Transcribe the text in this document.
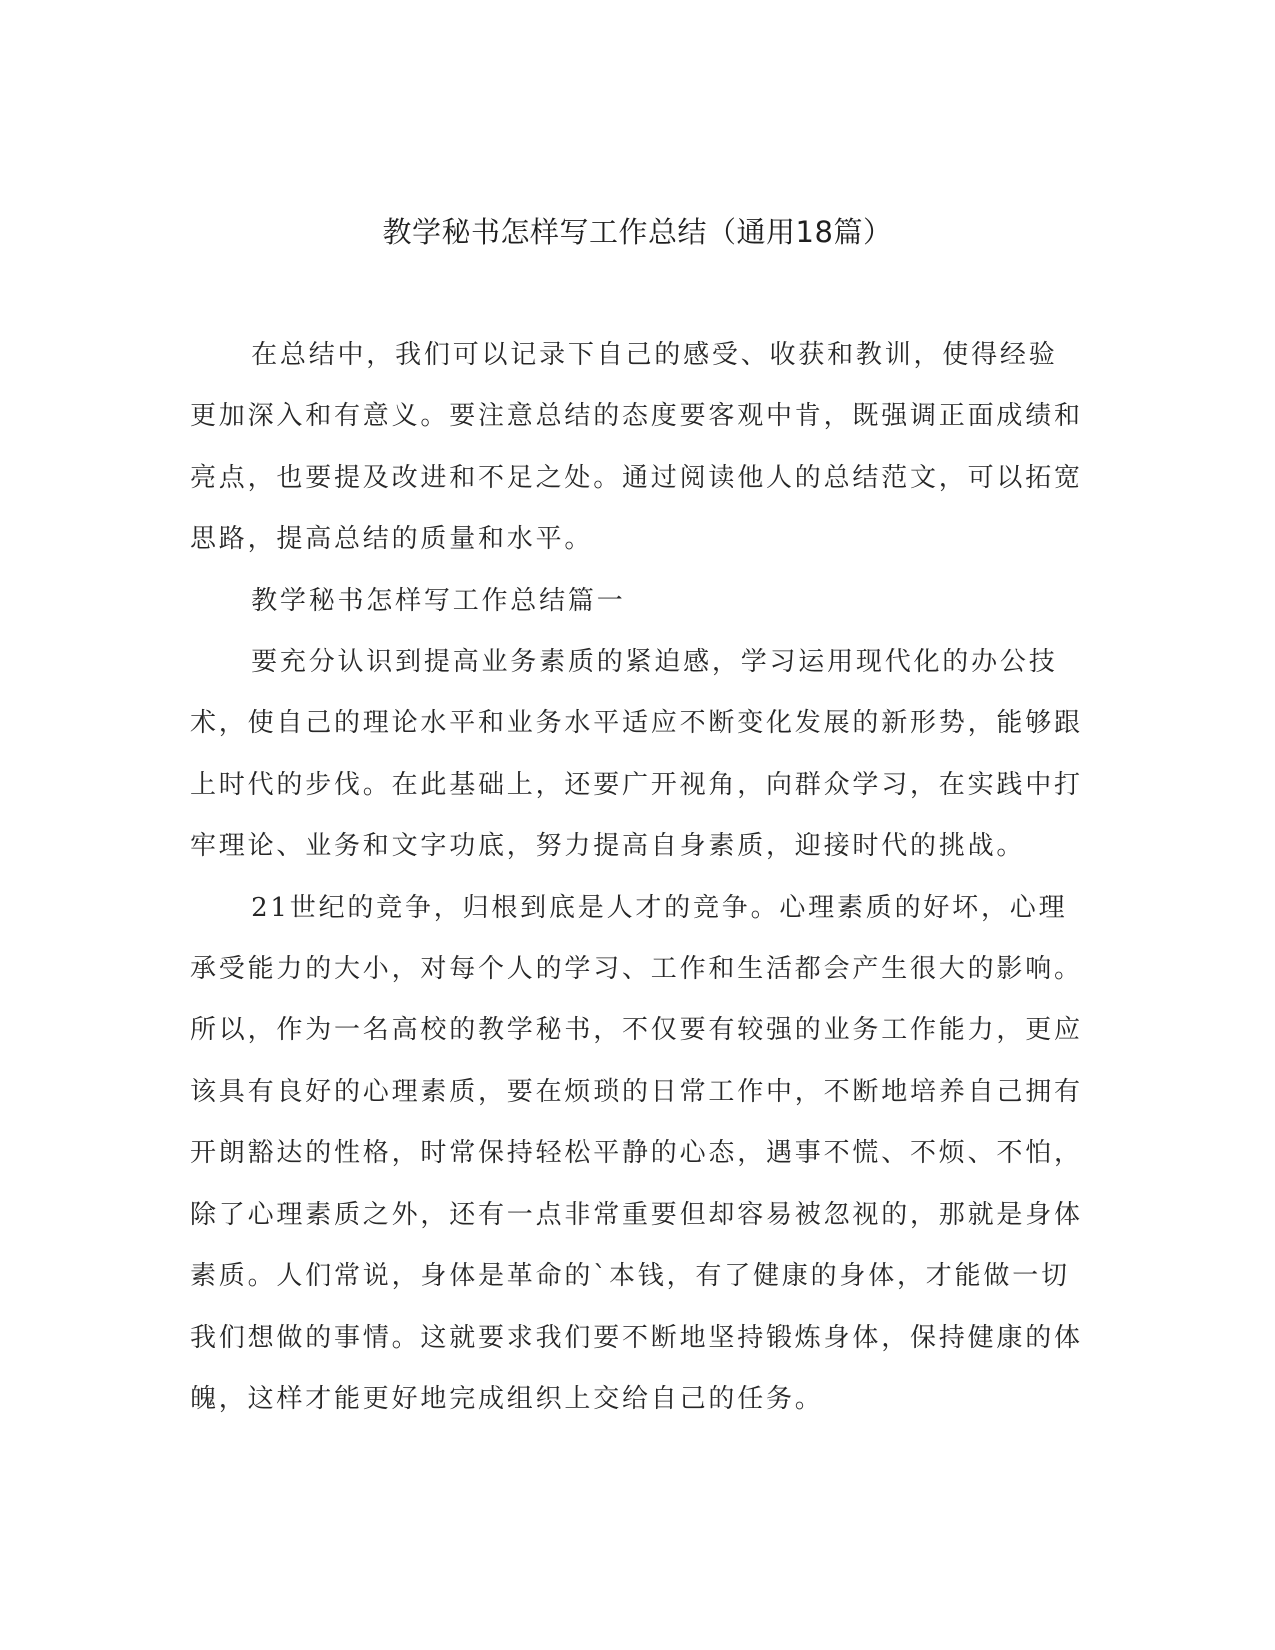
教学秘书怎样写工作总结（通用18篇）

在总结中，我们可以记录下自己的感受、收获和教训，使得经验更加深入和有意义。要注意总结的态度要客观中肯，既强调正面成绩和亮点，也要提及改进和不足之处。通过阅读他人的总结范文，可以拓宽思路，提高总结的质量和水平。

教学秘书怎样写工作总结篇一

要充分认识到提高业务素质的紧迫感，学习运用现代化的办公技术，使自己的理论水平和业务水平适应不断变化发展的新形势，能够跟上时代的步伐。在此基础上，还要广开视角，向群众学习，在实践中打牢理论、业务和文字功底，努力提高自身素质，迎接时代的挑战。

21世纪的竞争，归根到底是人才的竞争。心理素质的好坏，心理承受能力的大小，对每个人的学习、工作和生活都会产生很大的影响。所以，作为一名高校的教学秘书，不仅要有较强的业务工作能力，更应该具有良好的心理素质，要在烦琐的日常工作中，不断地培养自己拥有开朗豁达的性格，时常保持轻松平静的心态，遇事不慌、不烦、不怕，除了心理素质之外，还有一点非常重要但却容易被忽视的，那就是身体素质。人们常说，身体是革命的`本钱，有了健康的身体，才能做一切我们想做的事情。这就要求我们要不断地坚持锻炼身体，保持健康的体魄，这样才能更好地完成组织上交给自己的任务。
